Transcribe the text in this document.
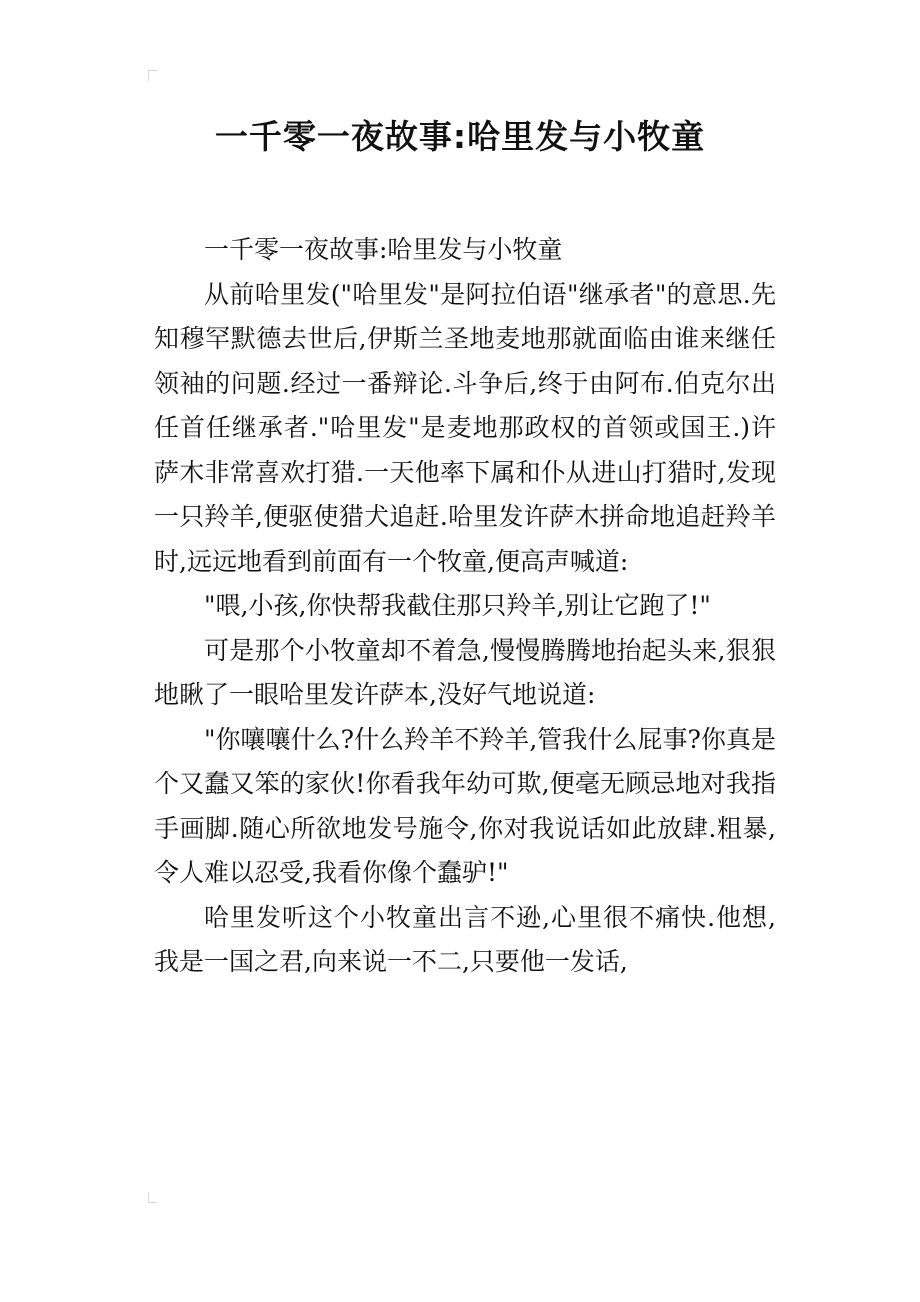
一千零一夜故事:哈里发与小牧童

一千零一夜故事:哈里发与小牧童

从前哈里发("哈里发"是阿拉伯语"继承者"的意思.先知穆罕默德去世后,伊斯兰圣地麦地那就面临由谁来继任领袖的问题.经过一番辩论.斗争后,终于由阿布.伯克尔出任首任继承者."哈里发"是麦地那政权的首领或国王.)许萨木非常喜欢打猎.一天他率下属和仆从进山打猎时,发现一只羚羊,便驱使猎犬追赶.哈里发许萨木拼命地追赶羚羊时,远远地看到前面有一个牧童,便高声喊道:

"喂,小孩,你快帮我截住那只羚羊,别让它跑了!"

可是那个小牧童却不着急,慢慢腾腾地抬起头来,狠狠地瞅了一眼哈里发许萨本,没好气地说道:

"你嚷嚷什么?什么羚羊不羚羊,管我什么屁事?你真是个又蠢又笨的家伙!你看我年幼可欺,便毫无顾忌地对我指手画脚.随心所欲地发号施令,你对我说话如此放肆.粗暴,令人难以忍受,我看你像个蠢驴!"

哈里发听这个小牧童出言不逊,心里很不痛快.他想,我是一国之君,向来说一不二,只要他一发话,
